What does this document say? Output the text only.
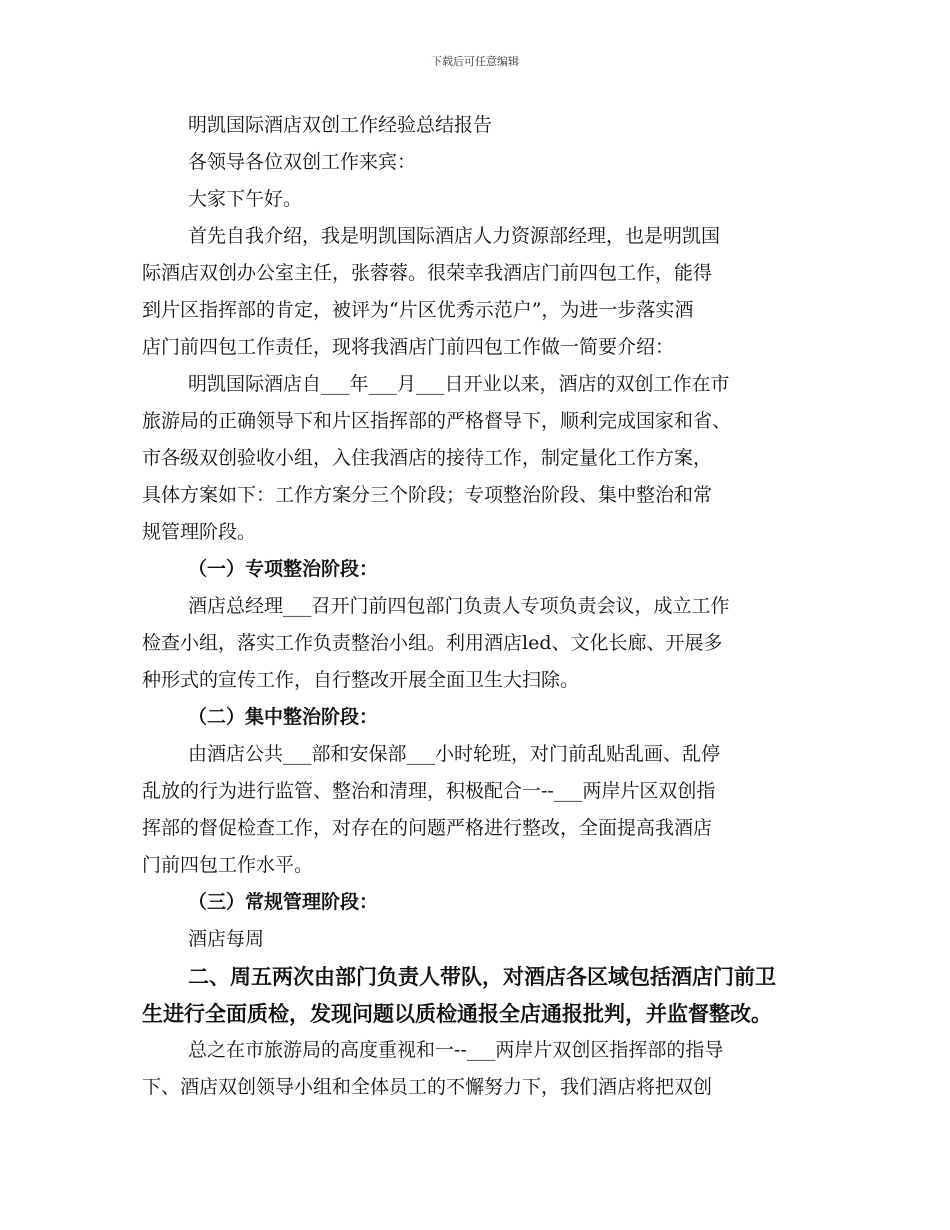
下载后可任意编辑
明凯国际酒店双创工作经验总结报告
各领导各位双创工作来宾：
大家下午好。
首先自我介绍，我是明凯国际酒店人力资源部经理，也是明凯国
际酒店双创办公室主任，张蓉蓉。很荣幸我酒店门前四包工作，能得
到片区指挥部的肯定，被评为“片区优秀示范户”，为进一步落实酒
店门前四包工作责任，现将我酒店门前四包工作做一简要介绍：
明凯国际酒店自___年___月___日开业以来，酒店的双创工作在市
旅游局的正确领导下和片区指挥部的严格督导下，顺利完成国家和省、
市各级双创验收小组，入住我酒店的接待工作，制定量化工作方案，
具体方案如下：工作方案分三个阶段；专项整治阶段、集中整治和常
规管理阶段。
（一）专项整治阶段：
酒店总经理___召开门前四包部门负责人专项负责会议，成立工作
检查小组，落实工作负责整治小组。利用酒店led、文化长廊、开展多
种形式的宣传工作，自行整改开展全面卫生大扫除。
（二）集中整治阶段：
由酒店公共___部和安保部___小时轮班，对门前乱贴乱画、乱停
乱放的行为进行监管、整治和清理，积极配合一--___两岸片区双创指
挥部的督促检查工作，对存在的问题严格进行整改，全面提高我酒店
门前四包工作水平。
（三）常规管理阶段：
酒店每周
二、周五两次由部门负责人带队，对酒店各区域包括酒店门前卫
生进行全面质检，发现问题以质检通报全店通报批判，并监督整改。
总之在市旅游局的高度重视和一--___两岸片双创区指挥部的指导
下、酒店双创领导小组和全体员工的不懈努力下，我们酒店将把双创
